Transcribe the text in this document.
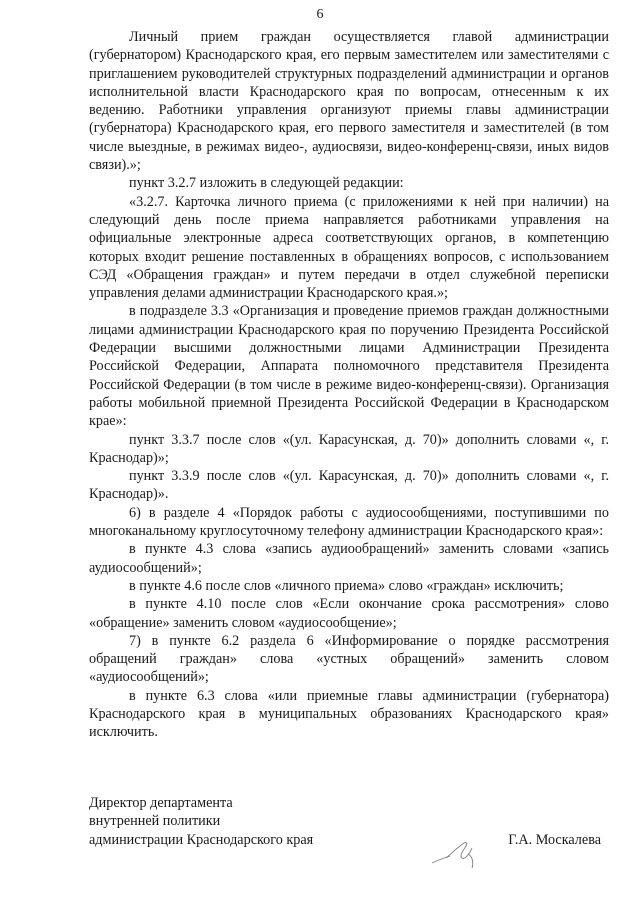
6

Личный прием граждан осуществляется главой администрации (губернатором) Краснодарского края, его первым заместителем или заместителями с приглашением руководителей структурных подразделений администрации и органов исполнительной власти Краснодарского края по вопросам, отнесенным к их ведению. Работники управления организуют приемы главы администрации (губернатора) Краснодарского края, его первого заместителя и заместителей (в том числе выездные, в режимах видео-, аудиосвязи, видео-конференц-связи, иных видов связи).»;

пункт 3.2.7 изложить в следующей редакции:

«3.2.7. Карточка личного приема (с приложениями к ней при наличии) на следующий день после приема направляется работниками управления на официальные электронные адреса соответствующих органов, в компетенцию которых входит решение поставленных в обращениях вопросов, с использованием СЭД «Обращения граждан» и путем передачи в отдел служебной переписки управления делами администрации Краснодарского края.»;

в подразделе 3.3 «Организация и проведение приемов граждан должностными лицами администрации Краснодарского края по поручению Президента Российской Федерации высшими должностными лицами Администрации Президента Российской Федерации, Аппарата полномочного представителя Президента Российской Федерации (в том числе в режиме видео-конференц-связи). Организация работы мобильной приемной Президента Российской Федерации в Краснодарском крае»:

пункт 3.3.7 после слов «(ул. Карасунская, д. 70)» дополнить словами «, г. Краснодар)»;

пункт 3.3.9 после слов «(ул. Карасунская, д. 70)» дополнить словами «, г. Краснодар)».

6) в разделе 4 «Порядок работы с аудиосообщениями, поступившими по многоканальному круглосуточному телефону администрации Краснодарского края»:

в пункте 4.3 слова «запись аудиообращений» заменить словами «запись аудиосообщений»;

в пункте 4.6 после слов «личного приема» слово «граждан» исключить;

в пункте 4.10 после слов «Если окончание срока рассмотрения» слово «обращение» заменить словом «аудиосообщение»;

7) в пункте 6.2 раздела 6 «Информирование о порядке рассмотрения обращений граждан» слова «устных обращений» заменить словом «аудиосообщений»;

в пункте 6.3 слова «или приемные главы администрации (губернатора) Краснодарского края в муниципальных образованиях Краснодарского края» исключить.

Директор департамента

внутренней политики

администрации Краснодарского края	Г.А. Москалева
